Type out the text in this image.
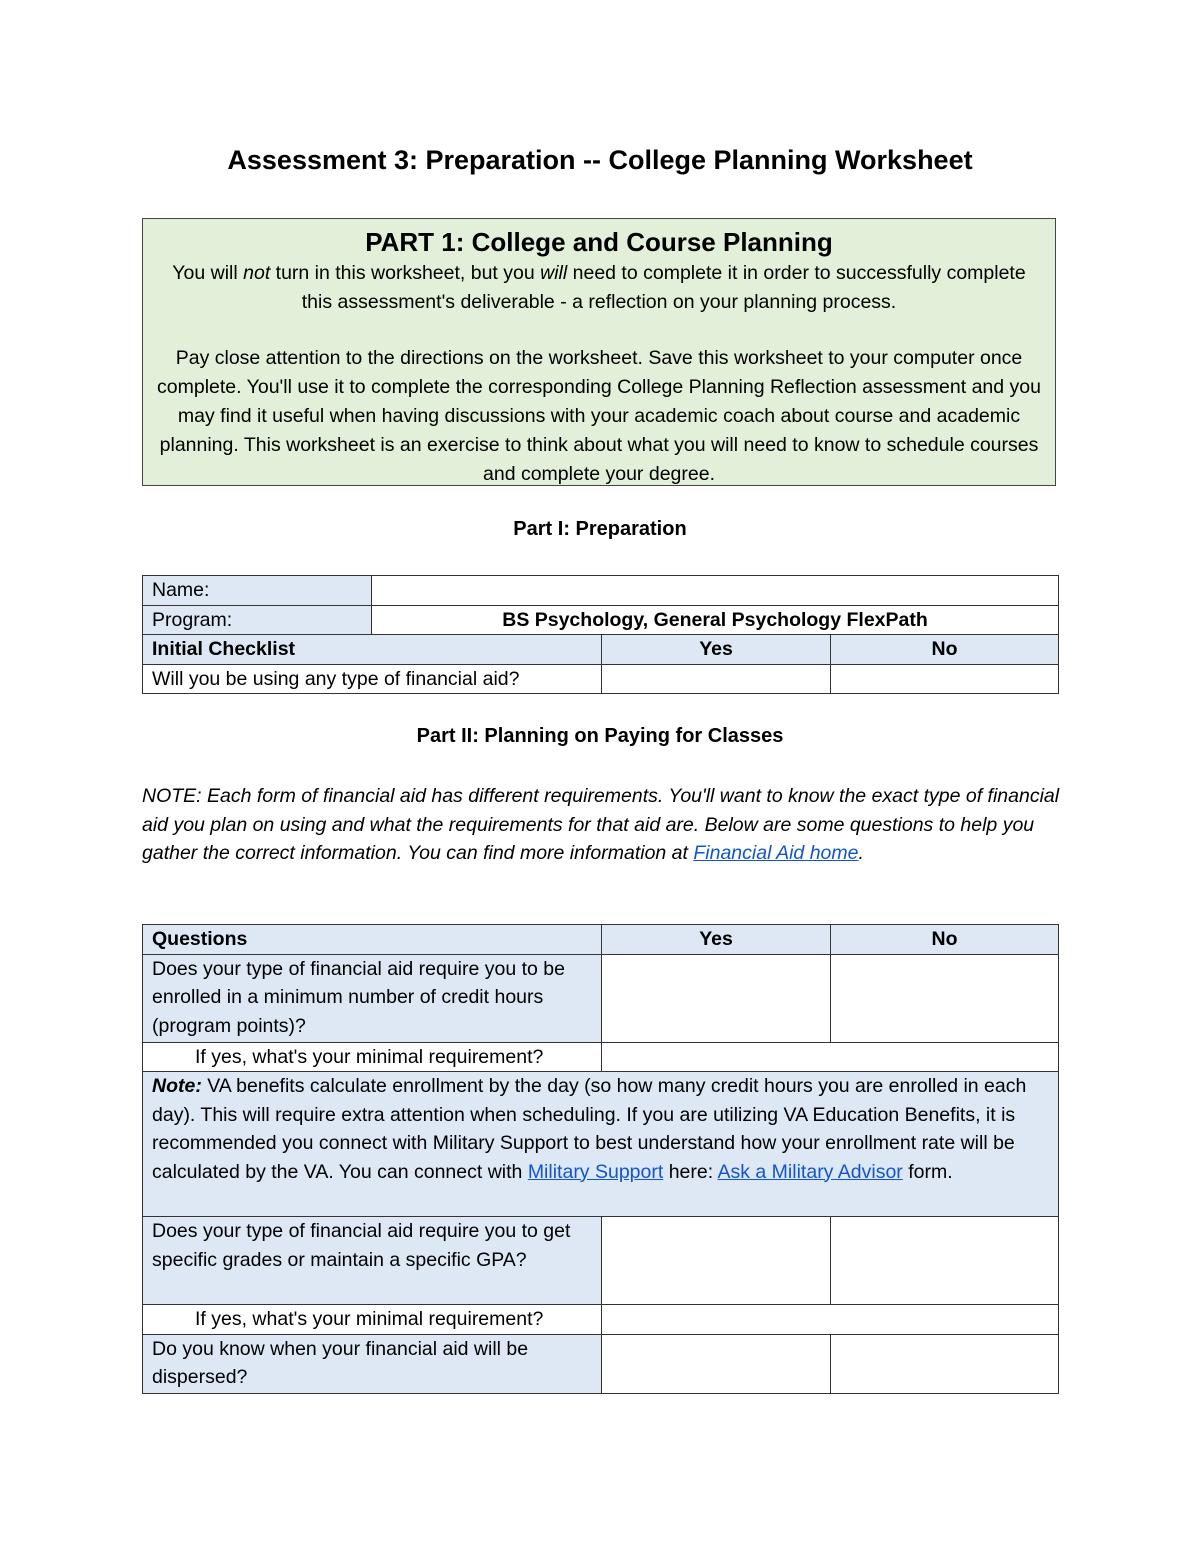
Assessment 3: Preparation -- College Planning Worksheet
PART 1: College and Course Planning

You will not turn in this worksheet, but you will need to complete it in order to successfully complete this assessment's deliverable - a reflection on your planning process.

Pay close attention to the directions on the worksheet. Save this worksheet to your computer once complete. You'll use it to complete the corresponding College Planning Reflection assessment and you may find it useful when having discussions with your academic coach about course and academic planning. This worksheet is an exercise to think about what you will need to know to schedule courses and complete your degree.

Part I: Preparation
Name:			
Program:	BS Psychology, General Psychology FlexPath		
Initial Checklist		Yes	No
Will you be using any type of financial aid?			
Part II: Planning on Paying for Classes
NOTE: Each form of financial aid has different requirements. You'll want to know the exact type of financial aid you plan on using and what the requirements for that aid are. Below are some questions to help you gather the correct information. You can find more information at Financial Aid home.
Questions	Yes	No
Does your type of financial aid require you to be enrolled in a minimum number of credit hours (program points)?		
If yes, what's your minimal requirement?		
Note: VA benefits calculate enrollment by the day (so how many credit hours you are enrolled in each day). This will require extra attention when scheduling. If you are utilizing VA Education Benefits, it is recommended you connect with Military Support to best understand how your enrollment rate will be calculated by the VA. You can connect with Military Support here: Ask a Military Advisor form.		
Does your type of financial aid require you to get specific grades or maintain a specific GPA?		
If yes, what's your minimal requirement?		
Do you know when your financial aid will be dispersed?		
